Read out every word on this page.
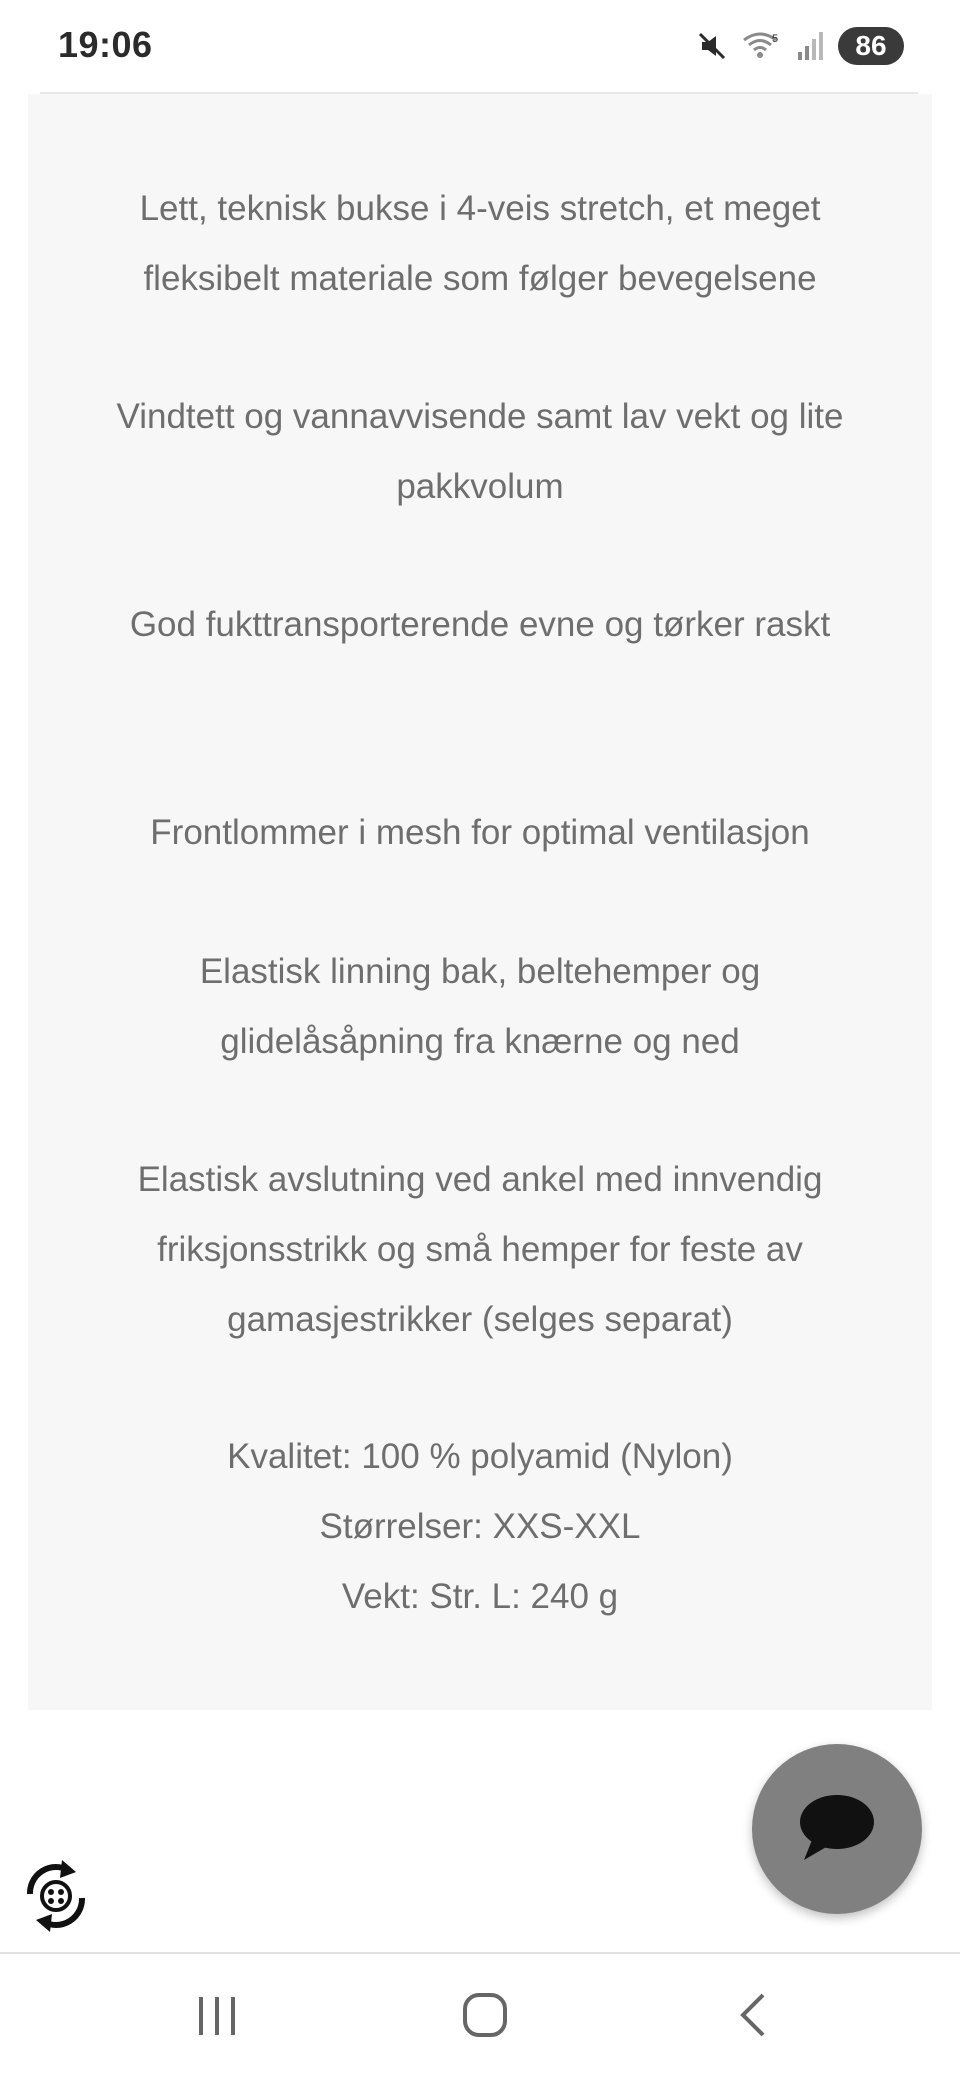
19:06	5	86
Lett, teknisk bukse i 4-veis stretch, et meget fleksibelt materiale som følger bevegelsene
Vindtett og vannavvisende samt lav vekt og lite pakkvolum
God fukttransporterende evne og tørker raskt
Frontlommer i mesh for optimal ventilasjon
Elastisk linning bak, beltehemper og glidelåsåpning fra knærne og ned
Elastisk avslutning ved ankel med innvendig friksjonsstrikk og små hemper for feste av gamasjestrikker (selges separat)
Kvalitet: 100 % polyamid (Nylon)
Størrelser: XXS-XXL
Vekt: Str. L: 240 g
